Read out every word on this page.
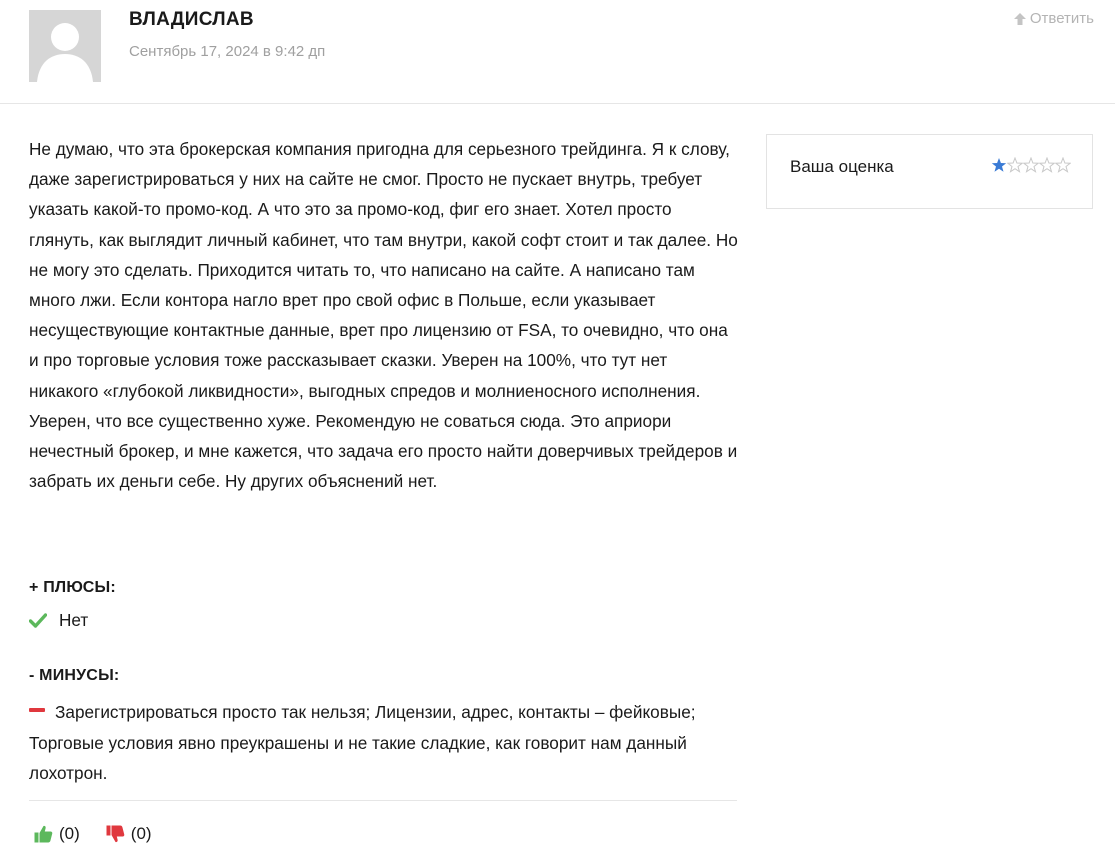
ВЛАДИСЛАВ
Сентябрь 17, 2024 в 9:42 дп
Ответить
Не думаю, что эта брокерская компания пригодна для серьезного трейдинга. Я к слову, даже зарегистрироваться у них на сайте не смог. Просто не пускает внутрь, требует указать какой-то промо-код. А что это за промо-код, фиг его знает. Хотел просто глянуть, как выглядит личный кабинет, что там внутри, какой софт стоит и так далее. Но не могу это сделать. Приходится читать то, что написано на сайте. А написано там много лжи. Если контора нагло врет про свой офис в Польше, если указывает несуществующие контактные данные, врет про лицензию от FSA, то очевидно, что она и про торговые условия тоже рассказывает сказки. Уверен на 100%, что тут нет никакого «глубокой ликвидности», выгодных спредов и молниеносного исполнения. Уверен, что все существенно хуже. Рекомендую не соваться сюда. Это априори нечестный брокер, и мне кажется, что задача его просто найти доверчивых трейдеров и забрать их деньги себе. Ну других объяснений нет.
Ваша оценка
+ ПЛЮСЫ:
Нет
- МИНУСЫ:
Зарегистрироваться просто так нельзя; Лицензии, адрес, контакты – фейковые; Торговые условия явно преукрашены и не такие сладкие, как говорит нам данный лохотрон.
(0)	(0)
